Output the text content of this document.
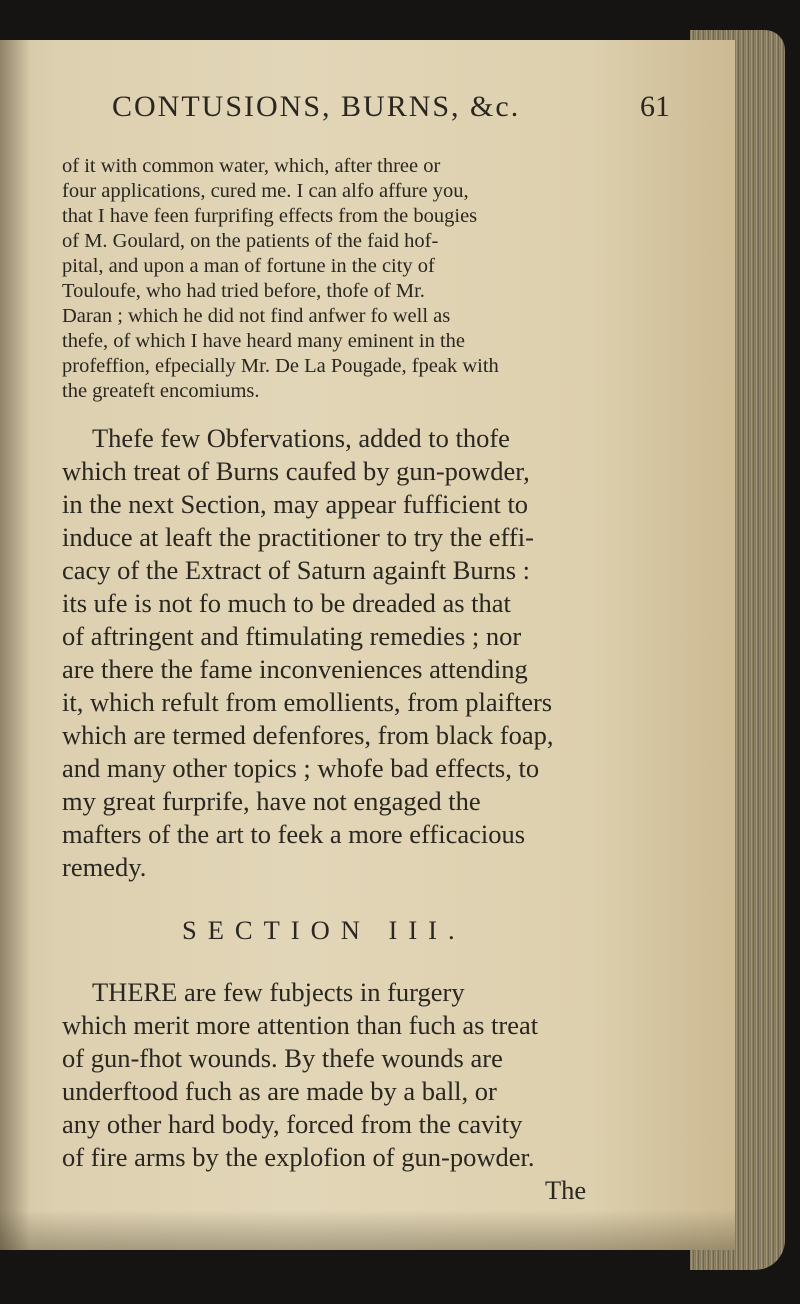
CONTUSIONS, BURNS, &c.	61
of it with common water, which, after three or
four applications, cured me. I can alfo affure you,
that I have feen furprifing effects from the bougies
of M. Goulard, on the patients of the faid hof-
pital, and upon a man of fortune in the city of
Touloufe, who had tried before, thofe of Mr.
Daran ; which he did not find anfwer fo well as
thefe, of which I have heard many eminent in the
profeffion, efpecially Mr. De La Pougade, fpeak with
the greateft encomiums.
Thefe few Obfervations, added to thofe
which treat of Burns caufed by gun-powder,
in the next Section, may appear fufficient to
induce at leaft the practitioner to try the effi-
cacy of the Extract of Saturn againft Burns :
its ufe is not fo much to be dreaded as that
of aftringent and ftimulating remedies ; nor
are there the fame inconveniences attending
it, which refult from emollients, from plaifters
which are termed defenfores, from black foap,
and many other topics ; whofe bad effects, to
my great furprife, have not engaged the
mafters of the art to feek a more efficacious
remedy.
SECTION III.
THERE are few fubjects in furgery
which merit more attention than fuch as treat
of gun-fhot wounds. By thefe wounds are
underftood fuch as are made by a ball, or
any other hard body, forced from the cavity
of fire arms by the explofion of gun-powder.
The
